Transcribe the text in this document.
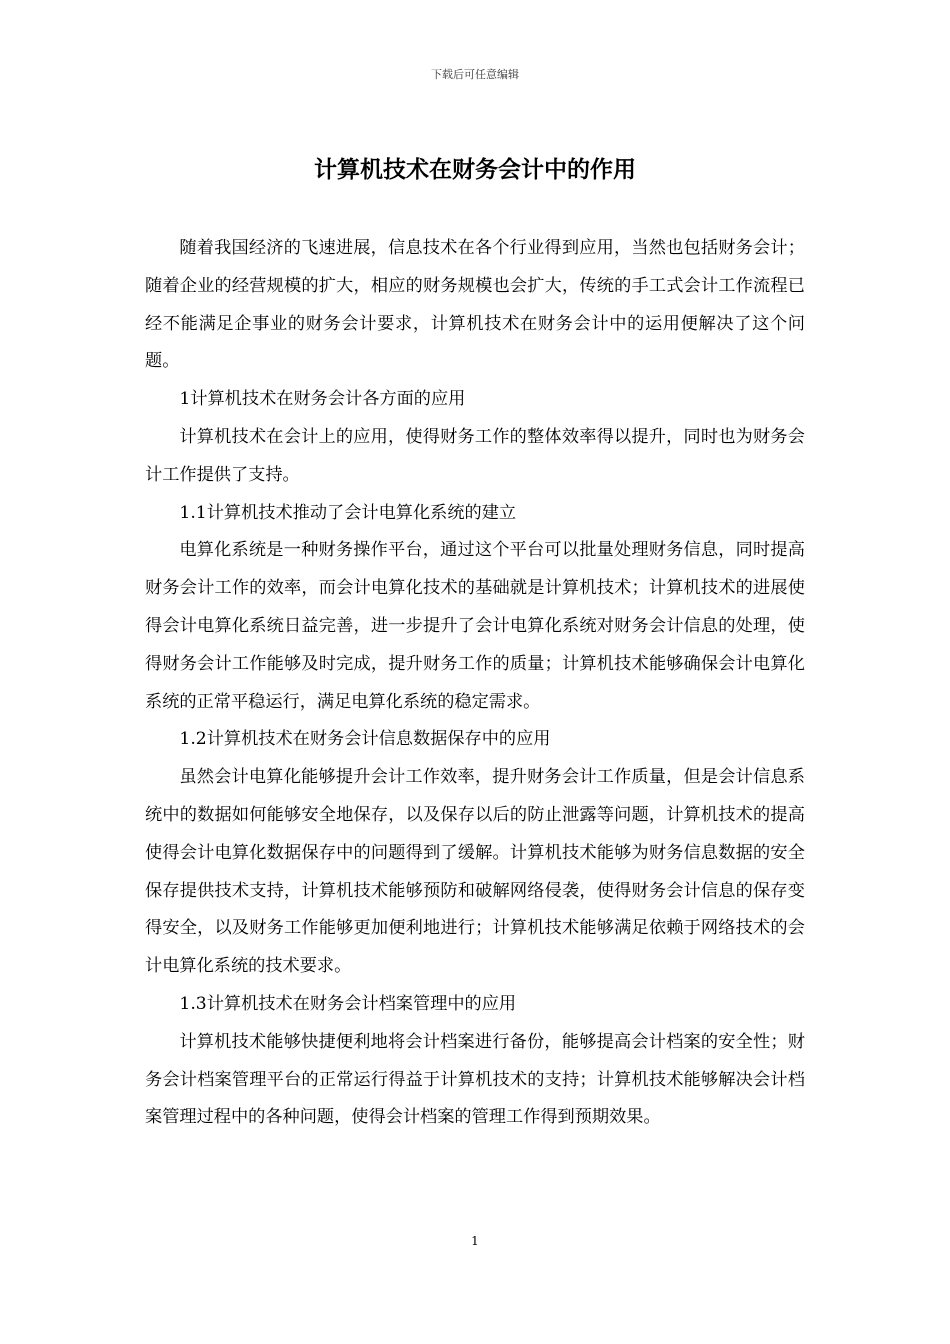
下载后可任意编辑
计算机技术在财务会计中的作用

随着我国经济的飞速进展，信息技术在各个行业得到应用，当然也包括财务会计；随着企业的经营规模的扩大，相应的财务规模也会扩大，传统的手工式会计工作流程已经不能满足企事业的财务会计要求，计算机技术在财务会计中的运用便解决了这个问题。

1计算机技术在财务会计各方面的应用

计算机技术在会计上的应用，使得财务工作的整体效率得以提升，同时也为财务会计工作提供了支持。

1.1计算机技术推动了会计电算化系统的建立

电算化系统是一种财务操作平台，通过这个平台可以批量处理财务信息，同时提高财务会计工作的效率，而会计电算化技术的基础就是计算机技术；计算机技术的进展使得会计电算化系统日益完善，进一步提升了会计电算化系统对财务会计信息的处理，使得财务会计工作能够及时完成，提升财务工作的质量；计算机技术能够确保会计电算化系统的正常平稳运行，满足电算化系统的稳定需求。

1.2计算机技术在财务会计信息数据保存中的应用

虽然会计电算化能够提升会计工作效率，提升财务会计工作质量，但是会计信息系统中的数据如何能够安全地保存，以及保存以后的防止泄露等问题，计算机技术的提高使得会计电算化数据保存中的问题得到了缓解。计算机技术能够为财务信息数据的安全保存提供技术支持，计算机技术能够预防和破解网络侵袭，使得财务会计信息的保存变得安全，以及财务工作能够更加便利地进行；计算机技术能够满足依赖于网络技术的会计电算化系统的技术要求。

1.3计算机技术在财务会计档案管理中的应用

计算机技术能够快捷便利地将会计档案进行备份，能够提高会计档案的安全性；财务会计档案管理平台的正常运行得益于计算机技术的支持；计算机技术能够解决会计档案管理过程中的各种问题，使得会计档案的管理工作得到预期效果。

1
